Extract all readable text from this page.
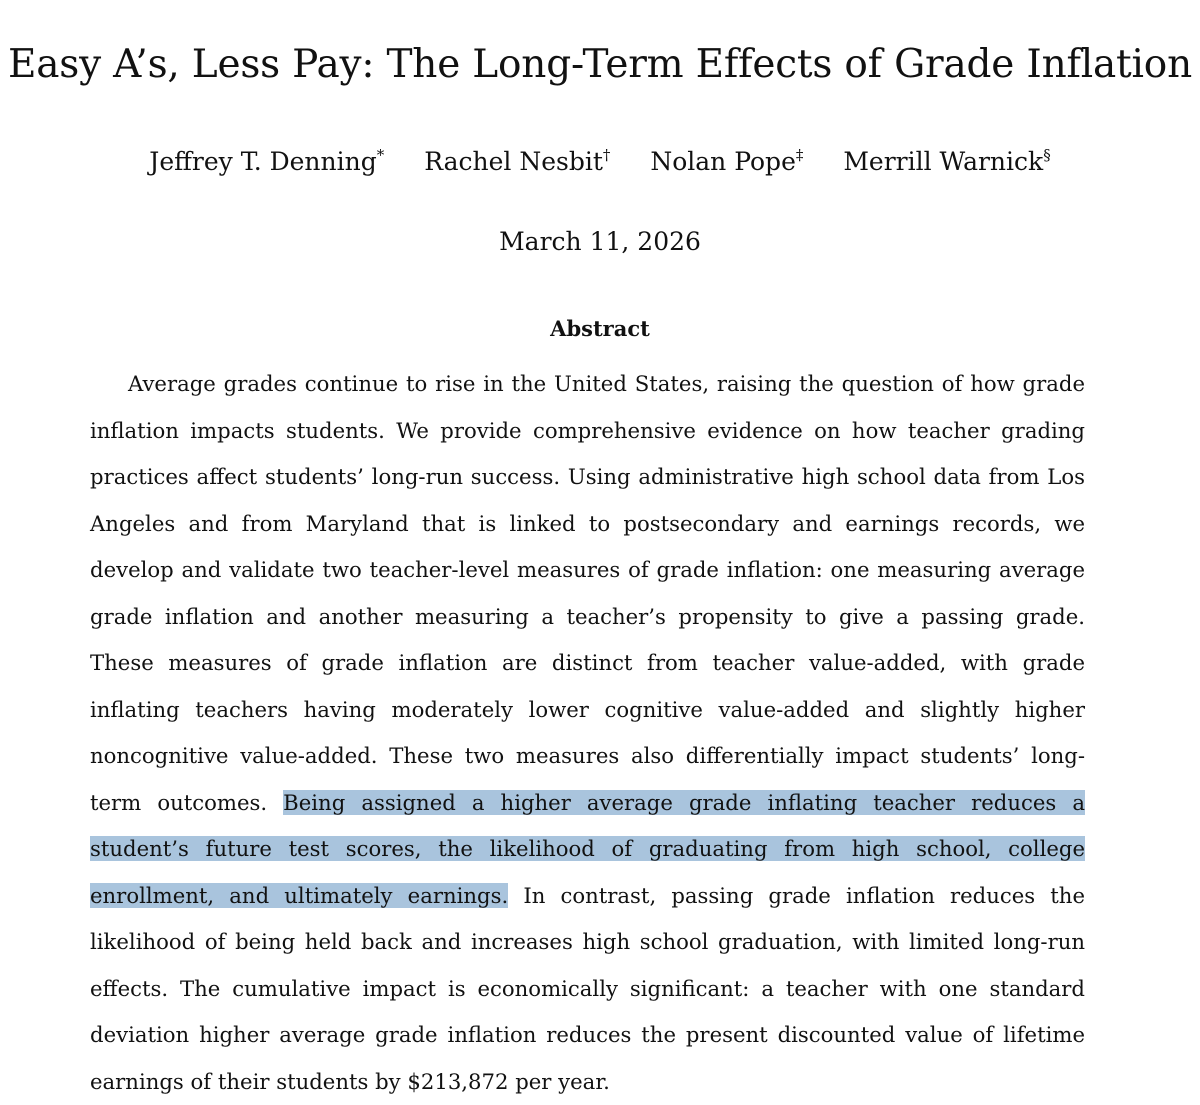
Easy A’s, Less Pay: The Long-Term Effects of Grade Inflation
Jeffrey T. Denning* Rachel Nesbit† Nolan Pope‡ Merrill Warnick§
March 11, 2026
Abstract

Average grades continue to rise in the United States, raising the question of how grade inflation impacts students. We provide comprehensive evidence on how teacher grading practices affect students’ long-run success. Using administrative high school data from Los Angeles and from Maryland that is linked to postsecondary and earnings records, we develop and validate two teacher-level measures of grade inflation: one measuring average grade inflation and another measuring a teacher’s propensity to give a passing grade. These measures of grade inflation are distinct from teacher value-added, with grade inflating teachers having moderately lower cognitive value-added and slightly higher noncognitive value-added. These two measures also differentially impact students’ long-term outcomes. Being assigned a higher average grade inflating teacher reduces a student’s future test scores, the likelihood of graduating from high school, college enrollment, and ultimately earnings. In contrast, passing grade inflation reduces the likelihood of being held back and increases high school graduation, with limited long-run effects. The cumulative impact is economically significant: a teacher with one standard deviation higher average grade inflation reduces the present discounted value of lifetime earnings of their students by $213,872 per year.
